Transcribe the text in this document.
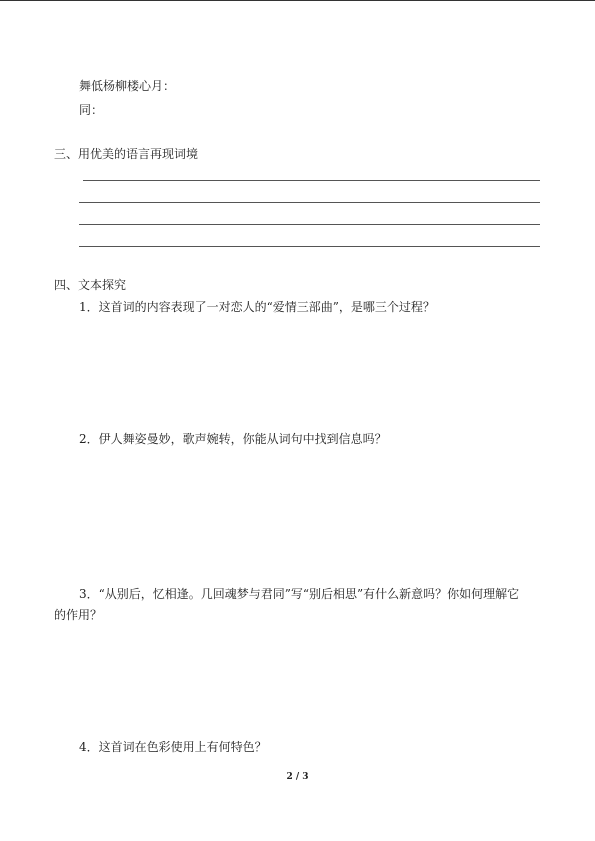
舞低杨柳楼心月：

同：

三、用优美的语言再现词境

四、文本探究

1．这首词的内容表现了一对恋人的“爱情三部曲”，是哪三个过程？

2．伊人舞姿曼妙，歌声婉转，你能从词句中找到信息吗？

3．“从别后，忆相逢。几回魂梦与君同”写“别后相思”有什么新意吗？你如何理解它

的作用？

4．这首词在色彩使用上有何特色？

2 / 3
